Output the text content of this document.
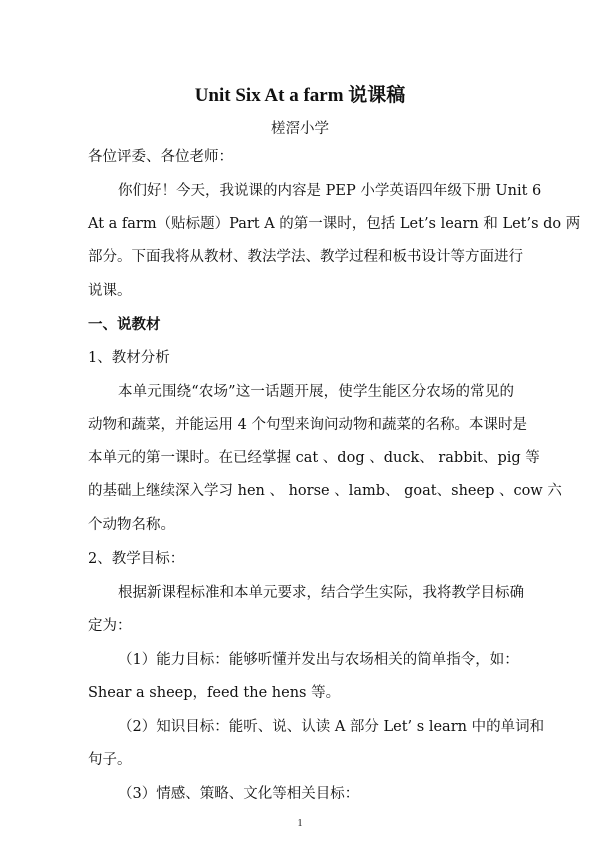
Unit Six At a farm 说课稿
槎滘小学
各位评委、各位老师：
你们好！今天，我说课的内容是 PEP 小学英语四年级下册 Unit 6
At a farm（贴标题）Part A 的第一课时，包括 Let’s learn 和 Let’s do 两
部分。下面我将从教材、教法学法、教学过程和板书设计等方面进行
说课。
一、说教材
1、教材分析
本单元围绕“农场”这一话题开展，使学生能区分农场的常见的
动物和蔬菜，并能运用 4 个句型来询问动物和蔬菜的名称。本课时是
本单元的第一课时。在已经掌握 cat 、dog 、duck、 rabbit、pig 等
的基础上继续深入学习 hen 、 horse 、lamb、 goat、sheep 、cow 六
个动物名称。
2、教学目标：
根据新课程标准和本单元要求，结合学生实际，我将教学目标确
定为：
（1）能力目标：能够听懂并发出与农场相关的简单指令，如：
Shear a sheep，feed the hens 等。
（2）知识目标：能听、说、认读 A 部分 Let’ s learn 中的单词和
句子。
（3）情感、策略、文化等相关目标：
1
